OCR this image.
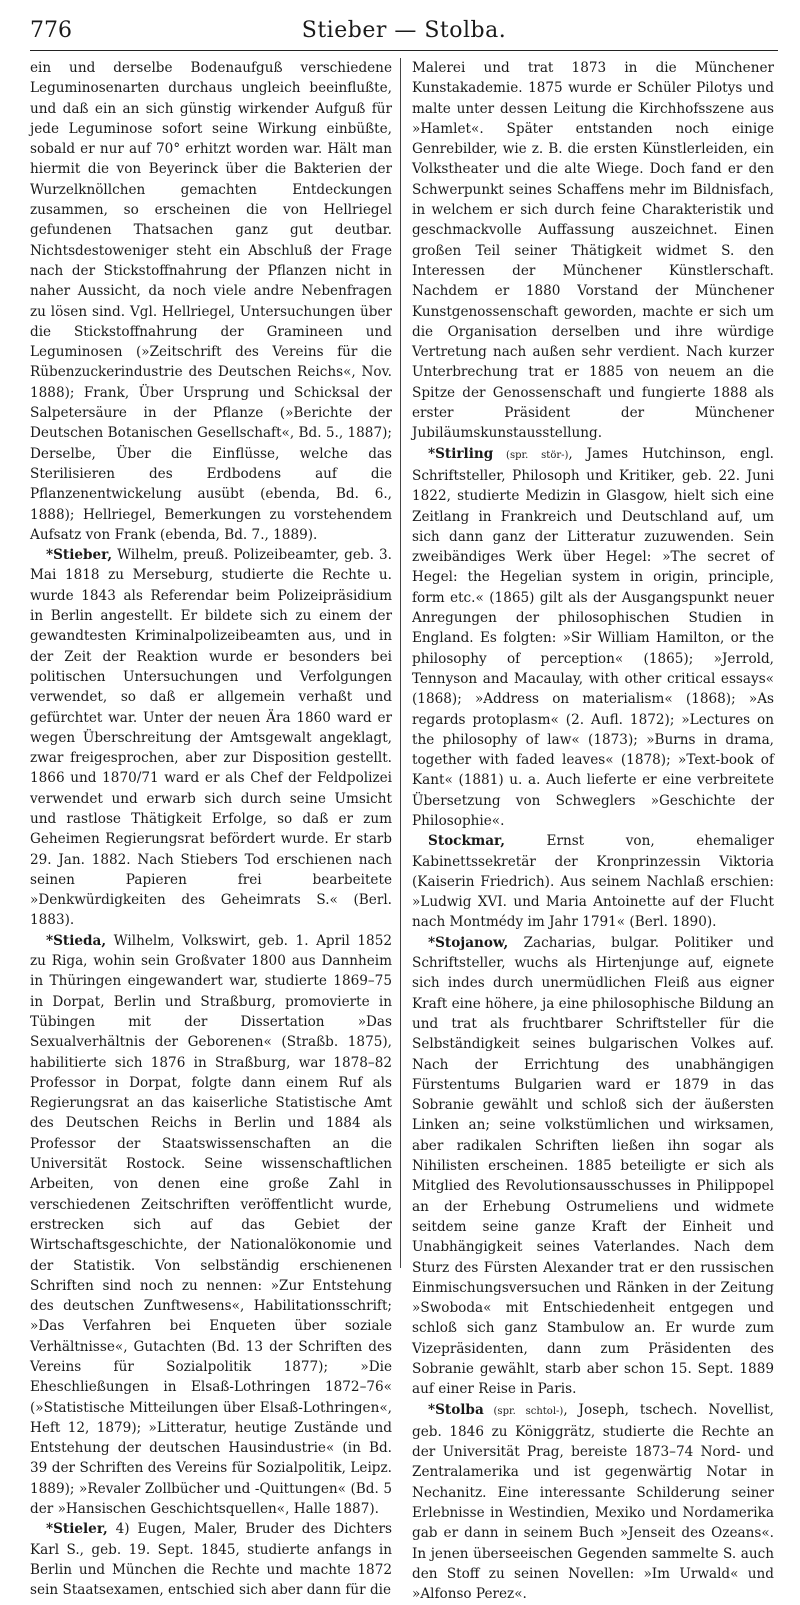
776	Stieber — Stolba.

ein und derselbe Bodenaufguß verschiedene Leguminosenarten durchaus ungleich beeinflußte, und daß ein an sich günstig wirkender Aufguß für jede Leguminose sofort seine Wirkung einbüßte, sobald er nur auf 70° erhitzt worden war. Hält man hiermit die von Beyerinck über die Bakterien der Wurzelknöllchen gemachten Entdeckungen zusammen, so erscheinen die von Hellriegel gefundenen Thatsachen ganz gut deutbar. Nichtsdestoweniger steht ein Abschluß der Frage nach der Stickstoffnahrung der Pflanzen nicht in naher Aussicht, da noch viele andre Nebenfragen zu lösen sind. Vgl. Hellriegel, Untersuchungen über die Stickstoffnahrung der Gramineen und Leguminosen (»Zeitschrift des Vereins für die Rübenzuckerindustrie des Deutschen Reichs«, Nov. 1888); Frank, Über Ursprung und Schicksal der Salpetersäure in der Pflanze (»Berichte der Deutschen Botanischen Gesellschaft«, Bd. 5., 1887); Derselbe, Über die Einflüsse, welche das Sterilisieren des Erdbodens auf die Pflanzenentwickelung ausübt (ebenda, Bd. 6., 1888); Hellriegel, Bemerkungen zu vorstehendem Aufsatz von Frank (ebenda, Bd. 7., 1889).

*Stieber, Wilhelm, preuß. Polizeibeamter, geb. 3. Mai 1818 zu Merseburg, studierte die Rechte u. wurde 1843 als Referendar beim Polizeipräsidium in Berlin angestellt. Er bildete sich zu einem der gewandtesten Kriminalpolizeibeamten aus, und in der Zeit der Reaktion wurde er besonders bei politischen Untersuchungen und Verfolgungen verwendet, so daß er allgemein verhaßt und gefürchtet war. Unter der neuen Ära 1860 ward er wegen Überschreitung der Amtsgewalt angeklagt, zwar freigesprochen, aber zur Disposition gestellt. 1866 und 1870/71 ward er als Chef der Feldpolizei verwendet und erwarb sich durch seine Umsicht und rastlose Thätigkeit Erfolge, so daß er zum Geheimen Regierungsrat befördert wurde. Er starb 29. Jan. 1882. Nach Stiebers Tod erschienen nach seinen Papieren frei bearbeitete »Denkwürdigkeiten des Geheimrats S.« (Berl. 1883).

*Stieda, Wilhelm, Volkswirt, geb. 1. April 1852 zu Riga, wohin sein Großvater 1800 aus Dannheim in Thüringen eingewandert war, studierte 1869–75 in Dorpat, Berlin und Straßburg, promovierte in Tübingen mit der Dissertation »Das Sexualverhältnis der Geborenen« (Straßb. 1875), habilitierte sich 1876 in Straßburg, war 1878–82 Professor in Dorpat, folgte dann einem Ruf als Regierungsrat an das kaiserliche Statistische Amt des Deutschen Reichs in Berlin und 1884 als Professor der Staatswissenschaften an die Universität Rostock. Seine wissenschaftlichen Arbeiten, von denen eine große Zahl in verschiedenen Zeitschriften veröffentlicht wurde, erstrecken sich auf das Gebiet der Wirtschaftsgeschichte, der Nationalökonomie und der Statistik. Von selbständig erschienenen Schriften sind noch zu nennen: »Zur Entstehung des deutschen Zunftwesens«, Habilitationsschrift; »Das Verfahren bei Enqueten über soziale Verhältnisse«, Gutachten (Bd. 13 der Schriften des Vereins für Sozialpolitik 1877); »Die Eheschließungen in Elsaß-Lothringen 1872–76« (»Statistische Mitteilungen über Elsaß-Lothringen«, Heft 12, 1879); »Litteratur, heutige Zustände und Entstehung der deutschen Hausindustrie« (in Bd. 39 der Schriften des Vereins für Sozialpolitik, Leipz. 1889); »Revaler Zollbücher und -Quittungen« (Bd. 5 der »Hansischen Geschichtsquellen«, Halle 1887).

*Stieler, 4) Eugen, Maler, Bruder des Dichters Karl S., geb. 19. Sept. 1845, studierte anfangs in Berlin und München die Rechte und machte 1872 sein Staatsexamen, entschied sich aber dann für die

Malerei und trat 1873 in die Münchener Kunstakademie. 1875 wurde er Schüler Pilotys und malte unter dessen Leitung die Kirchhofsszene aus »Hamlet«. Später entstanden noch einige Genrebilder, wie z. B. die ersten Künstlerleiden, ein Volkstheater und die alte Wiege. Doch fand er den Schwerpunkt seines Schaffens mehr im Bildnisfach, in welchem er sich durch feine Charakteristik und geschmackvolle Auffassung auszeichnet. Einen großen Teil seiner Thätigkeit widmet S. den Interessen der Münchener Künstlerschaft. Nachdem er 1880 Vorstand der Münchener Kunstgenossenschaft geworden, machte er sich um die Organisation derselben und ihre würdige Vertretung nach außen sehr verdient. Nach kurzer Unterbrechung trat er 1885 von neuem an die Spitze der Genossenschaft und fungierte 1888 als erster Präsident der Münchener Jubiläumskunstausstellung.

*Stirling (spr. stör-), James Hutchinson, engl. Schriftsteller, Philosoph und Kritiker, geb. 22. Juni 1822, studierte Medizin in Glasgow, hielt sich eine Zeitlang in Frankreich und Deutschland auf, um sich dann ganz der Litteratur zuzuwenden. Sein zweibändiges Werk über Hegel: »The secret of Hegel: the Hegelian system in origin, principle, form etc.« (1865) gilt als der Ausgangspunkt neuer Anregungen der philosophischen Studien in England. Es folgten: »Sir William Hamilton, or the philosophy of perception« (1865); »Jerrold, Tennyson and Macaulay, with other critical essays« (1868); »Address on materialism« (1868); »As regards protoplasm« (2. Aufl. 1872); »Lectures on the philosophy of law« (1873); »Burns in drama, together with faded leaves« (1878); »Text-book of Kant« (1881) u. a. Auch lieferte er eine verbreitete Übersetzung von Schweglers »Geschichte der Philosophie«.

Stockmar, Ernst von, ehemaliger Kabinettssekretär der Kronprinzessin Viktoria (Kaiserin Friedrich). Aus seinem Nachlaß erschien: »Ludwig XVI. und Maria Antoinette auf der Flucht nach Montmédy im Jahr 1791« (Berl. 1890).

*Stojanow, Zacharias, bulgar. Politiker und Schriftsteller, wuchs als Hirtenjunge auf, eignete sich indes durch unermüdlichen Fleiß aus eigner Kraft eine höhere, ja eine philosophische Bildung an und trat als fruchtbarer Schriftsteller für die Selbständigkeit seines bulgarischen Volkes auf. Nach der Errichtung des unabhängigen Fürstentums Bulgarien ward er 1879 in das Sobranie gewählt und schloß sich der äußersten Linken an; seine volkstümlichen und wirksamen, aber radikalen Schriften ließen ihn sogar als Nihilisten erscheinen. 1885 beteiligte er sich als Mitglied des Revolutionsausschusses in Philippopel an der Erhebung Ostrumeliens und widmete seitdem seine ganze Kraft der Einheit und Unabhängigkeit seines Vaterlandes. Nach dem Sturz des Fürsten Alexander trat er den russischen Einmischungsversuchen und Ränken in der Zeitung »Swoboda« mit Entschiedenheit entgegen und schloß sich ganz Stambulow an. Er wurde zum Vizepräsidenten, dann zum Präsidenten des Sobranie gewählt, starb aber schon 15. Sept. 1889 auf einer Reise in Paris.

*Stolba (spr. schtol-), Joseph, tschech. Novellist, geb. 1846 zu Königgrätz, studierte die Rechte an der Universität Prag, bereiste 1873–74 Nord- und Zentralamerika und ist gegenwärtig Notar in Nechanitz. Eine interessante Schilderung seiner Erlebnisse in Westindien, Mexiko und Nordamerika gab er dann in seinem Buch »Jenseit des Ozeans«. In jenen überseeischen Gegenden sammelte S. auch den Stoff zu seinen Novellen: »Im Urwald« und »Alfonso Perez«.
